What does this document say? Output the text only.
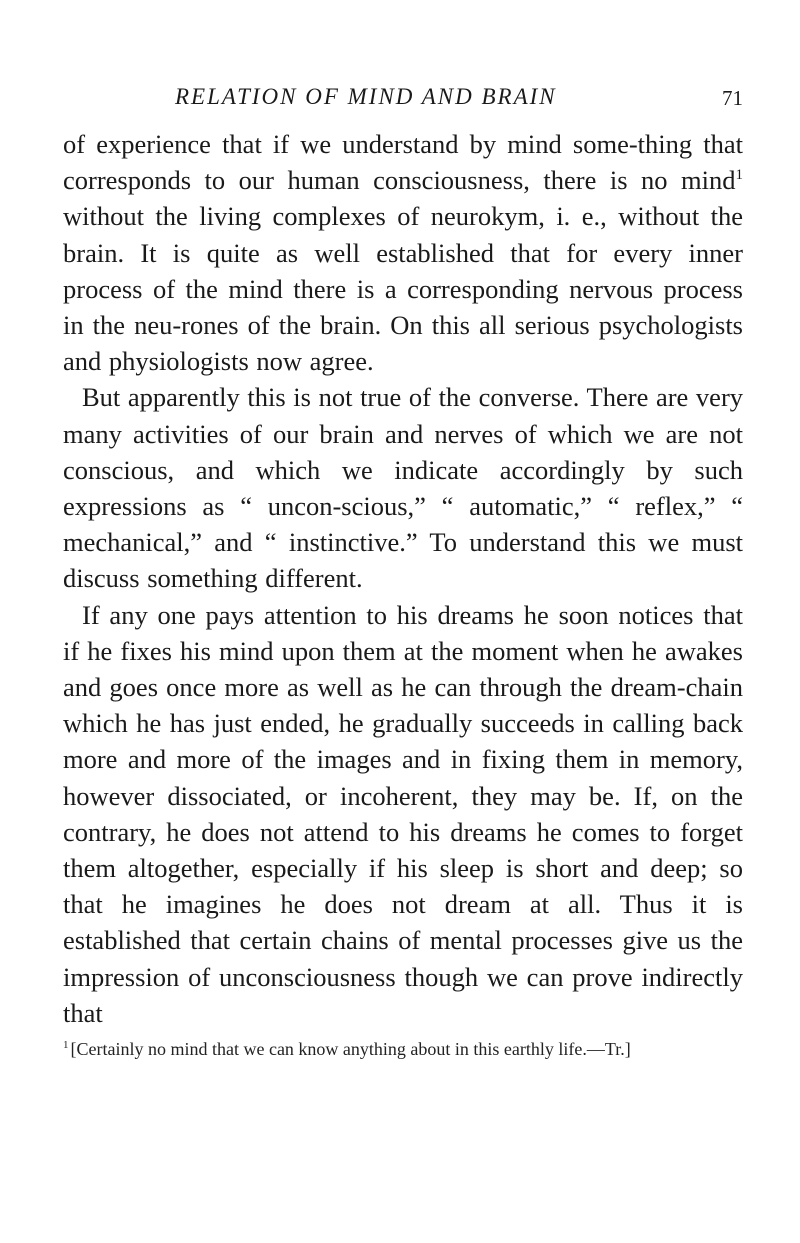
RELATION OF MIND AND BRAIN	71
of experience that if we understand by mind some-thing that corresponds to our human consciousness, there is no mind$^1$ without the living complexes of neurokym, i. e., without the brain. It is quite as well established that for every inner process of the mind there is a corresponding nervous process in the neu-rones of the brain. On this all serious psychologists and physiologists now agree.
But apparently this is not true of the converse. There are very many activities of our brain and nerves of which we are not conscious, and which we indicate accordingly by such expressions as “ uncon-scious,” “ automatic,” “ reflex,” “ mechanical,” and “ instinctive.” To understand this we must discuss something different.
If any one pays attention to his dreams he soon notices that if he fixes his mind upon them at the moment when he awakes and goes once more as well as he can through the dream-chain which he has just ended, he gradually succeeds in calling back more and more of the images and in fixing them in memory, however dissociated, or incoherent, they may be. If, on the contrary, he does not attend to his dreams he comes to forget them altogether, especially if his sleep is short and deep; so that he imagines he does not dream at all. Thus it is established that certain chains of mental processes give us the impression of unconsciousness though we can prove indirectly that
$^1$ [Certainly no mind that we can know anything about in this earthly life.—Tr.]
